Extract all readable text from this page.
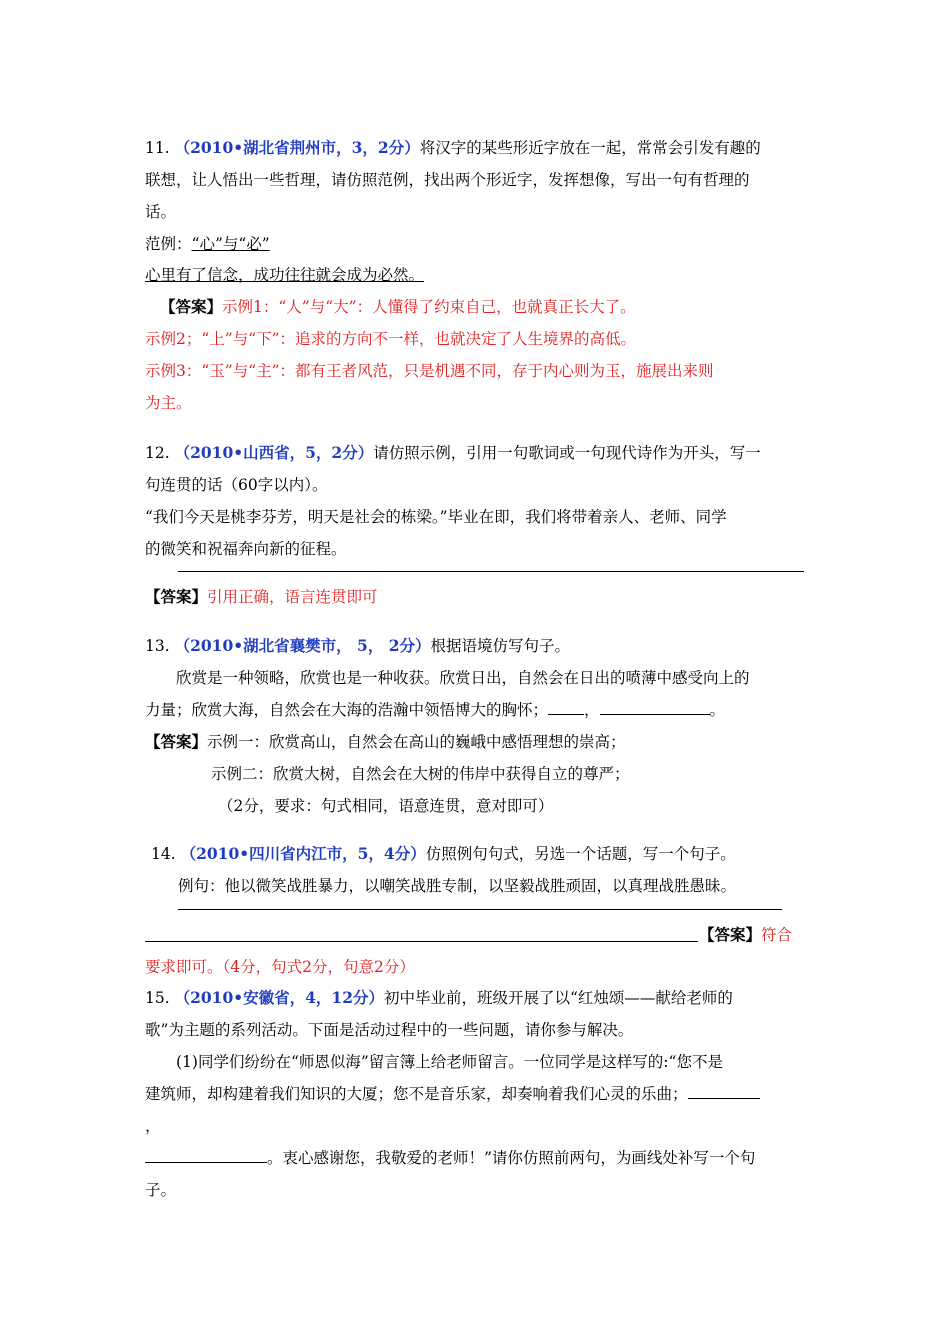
11. （2010•湖北省荆州市，3，2分）将汉字的某些形近字放在一起，常常会引发有趣的
联想，让人悟出一些哲理，请仿照范例，找出两个形近字，发挥想像，写出一句有哲理的
话。
范例：“心”与“必”
心里有了信念，成功往往就会成为必然。
【答案】示例1：“人”与“大”：人懂得了约束自己，也就真正长大了。
示例2；“上”与“下”：追求的方向不一样，也就决定了人生境界的高低。
示例3：“玉”与“主”：都有王者风范，只是机遇不同，存于内心则为玉，施展出来则
为主。
12. （2010•山西省，5，2分）请仿照示例，引用一句歌词或一句现代诗作为开头，写一
句连贯的话（60字以内）。
“我们今天是桃李芬芳，明天是社会的栋梁。”毕业在即，我们将带着亲人、老师、同学
的微笑和祝福奔向新的征程。
【答案】引用正确，语言连贯即可
13. （2010•湖北省襄樊市， 5， 2分）根据语境仿写句子。
欣赏是一种领略，欣赏也是一种收获。欣赏日出，自然会在日出的喷薄中感受向上的
力量；欣赏大海，自然会在大海的浩瀚中领悟博大的胸怀； ，	。
【答案】示例一：欣赏高山，自然会在高山的巍峨中感悟理想的崇高；
示例二：欣赏大树，自然会在大树的伟岸中获得自立的尊严；
（2分，要求：句式相同，语意连贯，意对即可）
14. （2010•四川省内江市，5，4分）仿照例句句式，另选一个话题，写一个句子。
例句：他以微笑战胜暴力，以嘲笑战胜专制，以坚毅战胜顽固，以真理战胜愚昧。
【答案】符合
要求即可。（4分，句式2分，句意2分）
15. （2010•安徽省，4，12分）初中毕业前，班级开展了以“红烛颂——献给老师的
歌”为主题的系列活动。下面是活动过程中的一些问题，请你参与解决。
(1)同学们纷纷在“师恩似海”留言簿上给老师留言。一位同学是这样写的:“您不是
建筑师，却构建着我们知识的大厦；您不是音乐家，却奏响着我们心灵的乐曲；
，
。衷心感谢您，我敬爱的老师！”请你仿照前两句，为画线处补写一个句
子。
